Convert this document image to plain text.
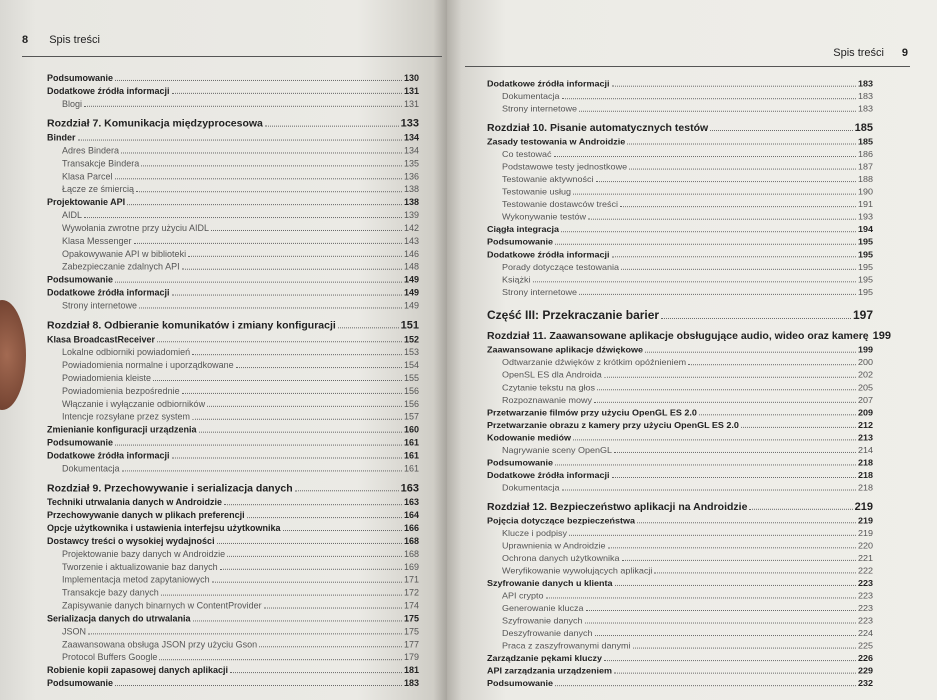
8 Spis treści
Podsumowanie	130
Dodatkowe źródła informacji	131
Blogi	131
Rozdział 7. Komunikacja międzyprocesowa	133
Binder	134
Adres Bindera	134
Transakcje Bindera	135
Klasa Parcel	136
Łącze ze śmiercią	138
Projektowanie API	138
AIDL	139
Wywołania zwrotne przy użyciu AIDL	142
Klasa Messenger	143
Opakowywanie API w biblioteki	146
Zabezpieczanie zdalnych API	148
Podsumowanie	149
Dodatkowe źródła informacji	149
Strony internetowe	149
Rozdział 8. Odbieranie komunikatów i zmiany konfiguracji	151
Klasa BroadcastReceiver	152
Lokalne odbiorniki powiadomień	153
Powiadomienia normalne i uporządkowane	154
Powiadomienia kleiste	155
Powiadomienia bezpośrednie	156
Włączanie i wyłączanie odbiorników	156
Intencje rozsyłane przez system	157
Zmienianie konfiguracji urządzenia	160
Podsumowanie	161
Dodatkowe źródła informacji	161
Dokumentacja	161
Rozdział 9. Przechowywanie i serializacja danych	163
Techniki utrwalania danych w Androidzie	163
Przechowywanie danych w plikach preferencji	164
Opcje użytkownika i ustawienia interfejsu użytkownika	166
Dostawcy treści o wysokiej wydajności	168
Projektowanie bazy danych w Androidzie	168
Tworzenie i aktualizowanie baz danych	169
Implementacja metod zapytaniowych	171
Transakcje bazy danych	172
Zapisywanie danych binarnych w ContentProvider	174
Serializacja danych do utrwalania	175
JSON	175
Zaawansowana obsługa JSON przy użyciu Gson	177
Protocol Buffers Google	179
Robienie kopii zapasowej danych aplikacji	181
Podsumowanie	183
Spis treści 9
Dodatkowe źródła informacji	183
Dokumentacja	183
Strony internetowe	183
Rozdział 10. Pisanie automatycznych testów	185
Zasady testowania w Androidzie	185
Co testować	186
Podstawowe testy jednostkowe	187
Testowanie aktywności	188
Testowanie usług	190
Testowanie dostawców treści	191
Wykonywanie testów	193
Ciągła integracja	194
Podsumowanie	195
Dodatkowe źródła informacji	195
Porady dotyczące testowania	195
Książki	195
Strony internetowe	195
Część III: Przekraczanie barier	197
Rozdział 11. Zaawansowane aplikacje obsługujące audio, wideo oraz kamerę 199
Zaawansowane aplikacje dźwiękowe	199
Odtwarzanie dźwięków z krótkim opóźnieniem	200
OpenSL ES dla Androida	202
Czytanie tekstu na głos	205
Rozpoznawanie mowy	207
Przetwarzanie filmów przy użyciu OpenGL ES 2.0	209
Przetwarzanie obrazu z kamery przy użyciu OpenGL ES 2.0	212
Kodowanie mediów	213
Nagrywanie sceny OpenGL	214
Podsumowanie	218
Dodatkowe źródła informacji	218
Dokumentacja	218
Rozdział 12. Bezpieczeństwo aplikacji na Androidzie	219
Pojęcia dotyczące bezpieczeństwa	219
Klucze i podpisy	219
Uprawnienia w Androidzie	220
Ochrona danych użytkownika	221
Weryfikowanie wywołujących aplikacji	222
Szyfrowanie danych u klienta	223
API crypto	223
Generowanie klucza	223
Szyfrowanie danych	223
Deszyfrowanie danych	224
Praca z zaszyfrowanymi danymi	225
Zarządzanie pękami kluczy	226
API zarządzania urządzeniem	229
Podsumowanie	232
